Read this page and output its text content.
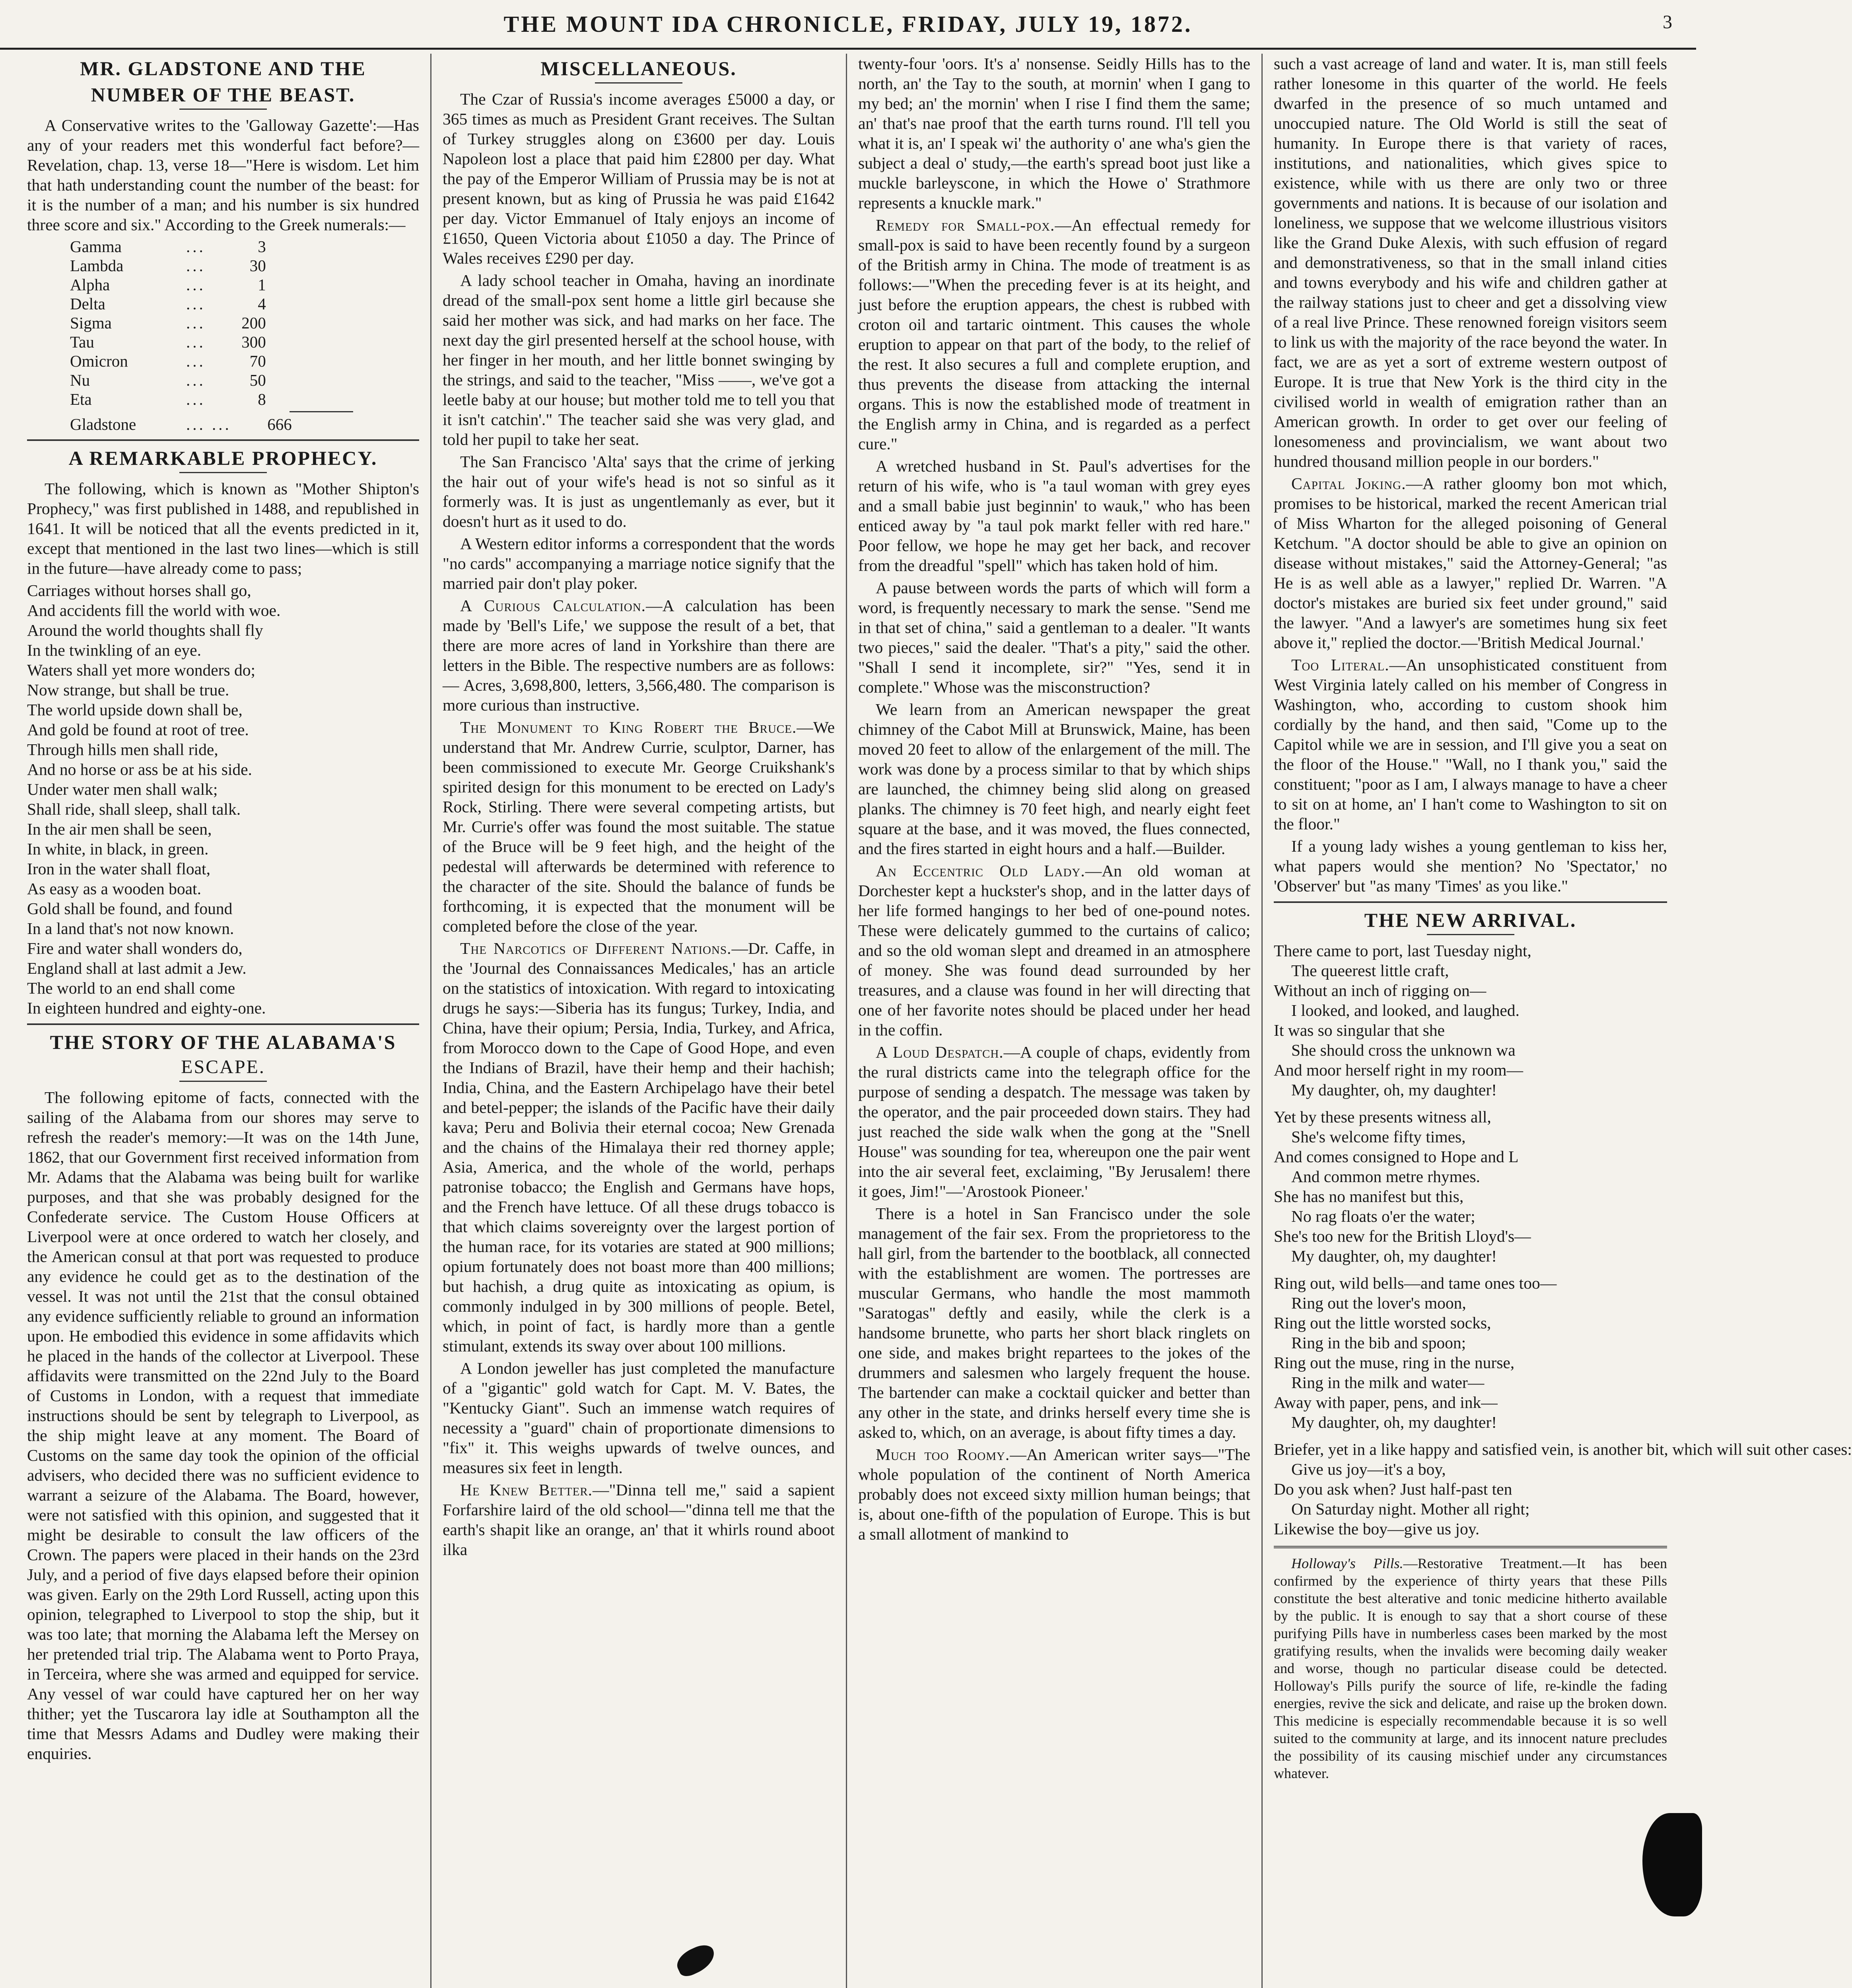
THE MOUNT IDA CHRONICLE, FRIDAY, JULY 19, 1872.	3
MR. GLADSTONE AND THE
NUMBER OF THE BEAST.

A Conservative writes to the 'Galloway Gazette':—Has any of your readers met this wonderful fact before?—Revelation, chap. 13, verse 18—"Here is wisdom. Let him that hath understanding count the number of the beast: for it is the number of a man; and his number is six hundred three score and six." According to the Greek numerals:—

Gamma	...	3
Lambda	...	30
Alpha	...	1
Delta	...	4
Sigma	...	200
Tau	...	300
Omicron	...	70
Nu	...	50
Eta	...	8
Gladstone	... ...	666
A REMARKABLE PROPHECY.

The following, which is known as "Mother Shipton's Prophecy," was first published in 1488, and republished in 1641. It will be noticed that all the events predicted in it, except that mentioned in the last two lines—which is still in the future—have already come to pass;

Carriages without horses shall go,
And accidents fill the world with woe.
Around the world thoughts shall fly
In the twinkling of an eye.
Waters shall yet more wonders do;
Now strange, but shall be true.
The world upside down shall be,
And gold be found at root of tree.
Through hills men shall ride,
And no horse or ass be at his side.
Under water men shall walk;
Shall ride, shall sleep, shall talk.
In the air men shall be seen,
In white, in black, in green.
Iron in the water shall float,
As easy as a wooden boat.
Gold shall be found, and found
In a land that's not now known.
Fire and water shall wonders do,
England shall at last admit a Jew.
The world to an end shall come
In eighteen hundred and eighty-one.
THE STORY OF THE ALABAMA'S
ESCAPE.

The following epitome of facts, connected with the sailing of the Alabama from our shores may serve to refresh the reader's memory:—It was on the 14th June, 1862, that our Government first received information from Mr. Adams that the Alabama was being built for warlike purposes, and that she was probably designed for the Confederate service. The Custom House Officers at Liverpool were at once ordered to watch her closely, and the American consul at that port was requested to produce any evidence he could get as to the destination of the vessel. It was not until the 21st that the consul obtained any evidence sufficiently reliable to ground an information upon. He embodied this evidence in some affidavits which he placed in the hands of the collector at Liverpool. These affidavits were transmitted on the 22nd July to the Board of Customs in London, with a request that immediate instructions should be sent by telegraph to Liverpool, as the ship might leave at any moment. The Board of Customs on the same day took the opinion of the official advisers, who decided there was no sufficient evidence to warrant a seizure of the Alabama. The Board, however, were not satisfied with this opinion, and suggested that it might be desirable to consult the law officers of the Crown. The papers were placed in their hands on the 23rd July, and a period of five days elapsed before their opinion was given. Early on the 29th Lord Russell, acting upon this opinion, telegraphed to Liverpool to stop the ship, but it was too late; that morning the Alabama left the Mersey on her pretended trial trip. The Alabama went to Porto Praya, in Terceira, where she was armed and equipped for service. Any vessel of war could have captured her on her way thither; yet the Tuscarora lay idle at Southampton all the time that Messrs Adams and Dudley were making their enquiries.

MISCELLANEOUS.

The Czar of Russia's income averages £5000 a day, or 365 times as much as President Grant receives. The Sultan of Turkey struggles along on £3600 per day. Louis Napoleon lost a place that paid him £2800 per day. What the pay of the Emperor William of Prussia may be is not at present known, but as king of Prussia he was paid £1642 per day. Victor Emmanuel of Italy enjoys an income of £1650, Queen Victoria about £1050 a day. The Prince of Wales receives £290 per day.

A lady school teacher in Omaha, having an inordinate dread of the small-pox sent home a little girl because she said her mother was sick, and had marks on her face. The next day the girl presented herself at the school house, with her finger in her mouth, and her little bonnet swinging by the strings, and said to the teacher, "Miss ——, we've got a leetle baby at our house; but mother told me to tell you that it isn't catchin'." The teacher said she was very glad, and told her pupil to take her seat.

The San Francisco 'Alta' says that the crime of jerking the hair out of your wife's head is not so sinful as it formerly was. It is just as ungentlemanly as ever, but it doesn't hurt as it used to do.

A Western editor informs a correspondent that the words "no cards" accompanying a marriage notice signify that the married pair don't play poker.

A Curious Calculation.—A calculation has been made by 'Bell's Life,' we suppose the result of a bet, that there are more acres of land in Yorkshire than there are letters in the Bible. The respective numbers are as follows:— Acres, 3,698,800, letters, 3,566,480. The comparison is more curious than instructive.

The Monument to King Robert the Bruce.—We understand that Mr. Andrew Currie, sculptor, Darner, has been commissioned to execute Mr. George Cruikshank's spirited design for this monument to be erected on Lady's Rock, Stirling. There were several competing artists, but Mr. Currie's offer was found the most suitable. The statue of the Bruce will be 9 feet high, and the height of the pedestal will afterwards be determined with reference to the character of the site. Should the balance of funds be forthcoming, it is expected that the monument will be completed before the close of the year.

The Narcotics of Different Nations.—Dr. Caffe, in the 'Journal des Connaissances Medicales,' has an article on the statistics of intoxication. With regard to intoxicating drugs he says:—Siberia has its fungus; Turkey, India, and China, have their opium; Persia, India, Turkey, and Africa, from Morocco down to the Cape of Good Hope, and even the Indians of Brazil, have their hemp and their hachish; India, China, and the Eastern Archipelago have their betel and betel-pepper; the islands of the Pacific have their daily kava; Peru and Bolivia their eternal cocoa; New Grenada and the chains of the Himalaya their red thorney apple; Asia, America, and the whole of the world, perhaps patronise tobacco; the English and Germans have hops, and the French have lettuce. Of all these drugs tobacco is that which claims sovereignty over the largest portion of the human race, for its votaries are stated at 900 millions; opium fortunately does not boast more than 400 millions; but hachish, a drug quite as intoxicating as opium, is commonly indulged in by 300 millions of people. Betel, which, in point of fact, is hardly more than a gentle stimulant, extends its sway over about 100 millions.

A London jeweller has just completed the manufacture of a "gigantic" gold watch for Capt. M. V. Bates, the "Kentucky Giant". Such an immense watch requires of necessity a "guard" chain of proportionate dimensions to "fix" it. This weighs upwards of twelve ounces, and measures six feet in length.

He Knew Better.—"Dinna tell me," said a sapient Forfarshire laird of the old school—"dinna tell me that the earth's shapit like an orange, an' that it whirls round aboot ilka

twenty-four 'oors. It's a' nonsense. Seidly Hills has to the north, an' the Tay to the south, at mornin' when I gang to my bed; an' the mornin' when I rise I find them the same; an' that's nae proof that the earth turns round. I'll tell you what it is, an' I speak wi' the authority o' ane wha's gien the subject a deal o' study,—the earth's spread boot just like a muckle barleyscone, in which the Howe o' Strathmore represents a knuckle mark."

Remedy for Small-pox.—An effectual remedy for small-pox is said to have been recently found by a surgeon of the British army in China. The mode of treatment is as follows:—"When the preceding fever is at its height, and just before the eruption appears, the chest is rubbed with croton oil and tartaric ointment. This causes the whole eruption to appear on that part of the body, to the relief of the rest. It also secures a full and complete eruption, and thus prevents the disease from attacking the internal organs. This is now the established mode of treatment in the English army in China, and is regarded as a perfect cure."

A wretched husband in St. Paul's advertises for the return of his wife, who is "a taul woman with grey eyes and a small babie just beginnin' to wauk," who has been enticed away by "a taul pok markt feller with red hare." Poor fellow, we hope he may get her back, and recover from the dreadful "spell" which has taken hold of him.

A pause between words the parts of which will form a word, is frequently necessary to mark the sense. "Send me in that set of china," said a gentleman to a dealer. "It wants two pieces," said the dealer. "That's a pity," said the other. "Shall I send it incomplete, sir?" "Yes, send it in complete." Whose was the misconstruction?

We learn from an American newspaper the great chimney of the Cabot Mill at Brunswick, Maine, has been moved 20 feet to allow of the enlargement of the mill. The work was done by a process similar to that by which ships are launched, the chimney being slid along on greased planks. The chimney is 70 feet high, and nearly eight feet square at the base, and it was moved, the flues connected, and the fires started in eight hours and a half.—Builder.

An Eccentric Old Lady.—An old woman at Dorchester kept a huckster's shop, and in the latter days of her life formed hangings to her bed of one-pound notes. These were delicately gummed to the curtains of calico; and so the old woman slept and dreamed in an atmosphere of money. She was found dead surrounded by her treasures, and a clause was found in her will directing that one of her favorite notes should be placed under her head in the coffin.

A Loud Despatch.—A couple of chaps, evidently from the rural districts came into the telegraph office for the purpose of sending a despatch. The message was taken by the operator, and the pair proceeded down stairs. They had just reached the side walk when the gong at the "Snell House" was sounding for tea, whereupon one the pair went into the air several feet, exclaiming, "By Jerusalem! there it goes, Jim!"—'Arostook Pioneer.'

There is a hotel in San Francisco under the sole management of the fair sex. From the proprietoress to the hall girl, from the bartender to the bootblack, all connected with the establishment are women. The portresses are muscular Germans, who handle the most mammoth "Saratogas" deftly and easily, while the clerk is a handsome brunette, who parts her short black ringlets on one side, and makes bright repartees to the jokes of the drummers and salesmen who largely frequent the house. The bartender can make a cocktail quicker and better than any other in the state, and drinks herself every time she is asked to, which, on an average, is about fifty times a day.

Much too Roomy.—An American writer says—"The whole population of the continent of North America probably does not exceed sixty million human beings; that is, about one-fifth of the population of Europe. This is but a small allotment of mankind to

such a vast acreage of land and water. It is, man still feels rather lonesome in this quarter of the world. He feels dwarfed in the presence of so much untamed and unoccupied nature. The Old World is still the seat of humanity. In Europe there is that variety of races, institutions, and nationalities, which gives spice to existence, while with us there are only two or three governments and nations. It is because of our isolation and loneliness, we suppose that we welcome illustrious visitors like the Grand Duke Alexis, with such effusion of regard and demonstrativeness, so that in the small inland cities and towns everybody and his wife and children gather at the railway stations just to cheer and get a dissolving view of a real live Prince. These renowned foreign visitors seem to link us with the majority of the race beyond the water. In fact, we are as yet a sort of extreme western outpost of Europe. It is true that New York is the third city in the civilised world in wealth of emigration rather than an American growth. In order to get over our feeling of lonesomeness and provincialism, we want about two hundred thousand million people in our borders."

Capital Joking.—A rather gloomy bon mot which, promises to be historical, marked the recent American trial of Miss Wharton for the alleged poisoning of General Ketchum. "A doctor should be able to give an opinion on disease without mistakes," said the Attorney-General; "as He is as well able as a lawyer," replied Dr. Warren. "A doctor's mistakes are buried six feet under ground," said the lawyer. "And a lawyer's are sometimes hung six feet above it," replied the doctor.—'British Medical Journal.'

Too Literal.—An unsophisticated constituent from West Virginia lately called on his member of Congress in Washington, who, according to custom shook him cordially by the hand, and then said, "Come up to the Capitol while we are in session, and I'll give you a seat on the floor of the House." "Wall, no I thank you," said the constituent; "poor as I am, I always manage to have a cheer to sit on at home, an' I han't come to Washington to sit on the floor."

If a young lady wishes a young gentleman to kiss her, what papers would she mention? No 'Spectator,' no 'Observer' but "as many 'Times' as you like."

THE NEW ARRIVAL.
There came to port, last Tuesday night,
The queerest little craft,
Without an inch of rigging on—
I looked, and looked, and laughed.
It was so singular that she
She should cross the unknown wa
And moor herself right in my room—
My daughter, oh, my daughter!
Yet by these presents witness all,
She's welcome fifty times,
And comes consigned to Hope and L
And common metre rhymes.
She has no manifest but this,
No rag floats o'er the water;
She's too new for the British Lloyd's—
My daughter, oh, my daughter!
Ring out, wild bells—and tame ones too—
Ring out the lover's moon,
Ring out the little worsted socks,
Ring in the bib and spoon;
Ring out the muse, ring in the nurse,
Ring in the milk and water—
Away with paper, pens, and ink—
My daughter, oh, my daughter!
Briefer, yet in a like happy and satisfied vein, is another bit, which will suit other cases:
Give us joy—it's a boy,
Do you ask when? Just half-past ten
On Saturday night. Mother all right;
Likewise the boy—give us joy.

Holloway's Pills.—Restorative Treatment.—It has been confirmed by the experience of thirty years that these Pills constitute the best alterative and tonic medicine hitherto available by the public. It is enough to say that a short course of these purifying Pills have in numberless cases been marked by the most gratifying results, when the invalids were becoming daily weaker and worse, though no particular disease could be detected. Holloway's Pills purify the source of life, re-kindle the fading energies, revive the sick and delicate, and raise up the broken down. This medicine is especially recommendable because it is so well suited to the community at large, and its innocent nature precludes the possibility of its causing mischief under any circumstances whatever.
